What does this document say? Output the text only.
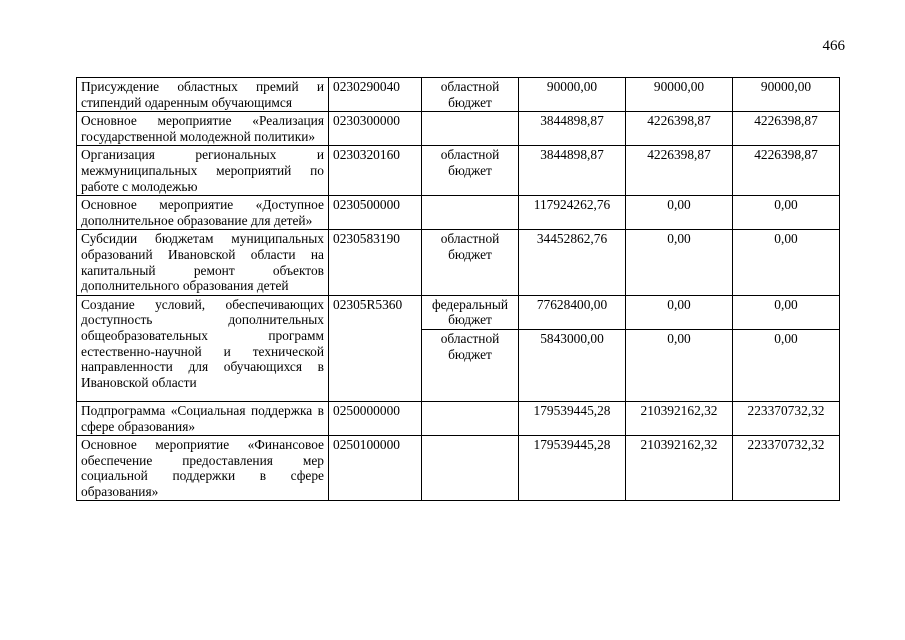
466
Присуждение областных премий и стипендий одаренным обучающимся	0230290040	областной бюджет	90000,00	90000,00	90000,00
Основное мероприятие «Реализация государственной молодежной политики»	0230300000		3844898,87	4226398,87	4226398,87
Организация региональных и межмуниципальных мероприятий по работе с молодежью	0230320160	областной бюджет	3844898,87	4226398,87	4226398,87
Основное мероприятие «Доступное дополнительное образование для детей»	0230500000		117924262,76	0,00	0,00
Субсидии бюджетам муниципальных образований Ивановской области на капитальный ремонт объектов дополнительного образования детей	0230583190	областной бюджет	34452862,76	0,00	0,00
Создание условий, обеспечивающих доступность дополнительных общеобразовательных программ естественно-научной и технической направленности для обучающихся в Ивановской области	02305R5360	федеральный бюджет	77628400,00	0,00	0,00
		областной бюджет	5843000,00	0,00	0,00
Подпрограмма «Социальная поддержка в сфере образования»	0250000000		179539445,28	210392162,32	223370732,32
Основное мероприятие «Финансовое обеспечение предоставления мер социальной поддержки в сфере образования»	0250100000		179539445,28	210392162,32	223370732,32
